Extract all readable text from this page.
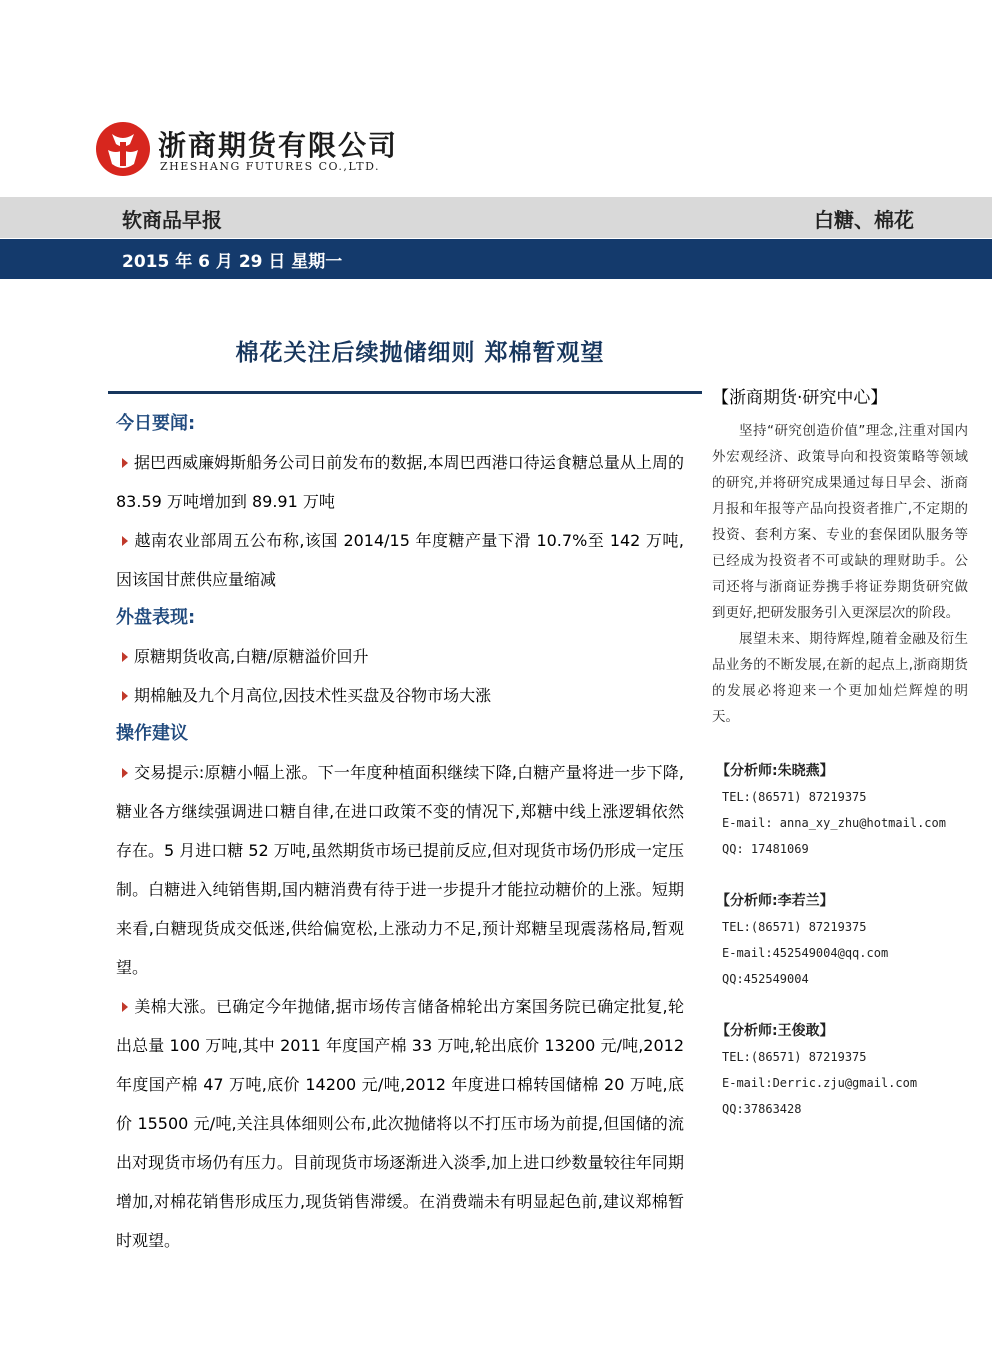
浙商期货有限公司
ZHESHANG FUTURES CO.,LTD.
软商品早报	白糖、棉花
2015 年 6 月 29 日 星期一
棉花关注后续抛储细则 郑棉暂观望
今日要闻:
据巴西威廉姆斯船务公司日前发布的数据,本周巴西港口待运食糖总量从上周的 83.59 万吨增加到 89.91 万吨
越南农业部周五公布称,该国 2014/15 年度糖产量下滑 10.7%至 142 万吨,因该国甘蔗供应量缩减
外盘表现:
原糖期货收高,白糖/原糖溢价回升
期棉触及九个月高位,因技术性买盘及谷物市场大涨
操作建议
交易提示:原糖小幅上涨。下一年度种植面积继续下降,白糖产量将进一步下降,糖业各方继续强调进口糖自律,在进口政策不变的情况下,郑糖中线上涨逻辑依然存在。5 月进口糖 52 万吨,虽然期货市场已提前反应,但对现货市场仍形成一定压制。白糖进入纯销售期,国内糖消费有待于进一步提升才能拉动糖价的上涨。短期来看,白糖现货成交低迷,供给偏宽松,上涨动力不足,预计郑糖呈现震荡格局,暂观望。
美棉大涨。已确定今年抛储,据市场传言储备棉轮出方案国务院已确定批复,轮出总量 100 万吨,其中 2011 年度国产棉 33 万吨,轮出底价 13200 元/吨,2012 年度国产棉 47 万吨,底价 14200 元/吨,2012 年度进口棉转国储棉 20 万吨,底价 15500 元/吨,关注具体细则公布,此次抛储将以不打压市场为前提,但国储的流出对现货市场仍有压力。目前现货市场逐渐进入淡季,加上进口纱数量较往年同期增加,对棉花销售形成压力,现货销售滞缓。在消费端未有明显起色前,建议郑棉暂时观望。
【浙商期货·研究中心】

坚持“研究创造价值”理念,注重对国内外宏观经济、政策导向和投资策略等领域的研究,并将研究成果通过每日早会、浙商月报和年报等产品向投资者推广,不定期的投资、套利方案、专业的套保团队服务等已经成为投资者不可或缺的理财助手。公司还将与浙商证券携手将证券期货研究做到更好,把研发服务引入更深层次的阶段。

展望未来、期待辉煌,随着金融及衍生品业务的不断发展,在新的起点上,浙商期货的发展必将迎来一个更加灿烂辉煌的明天。

【分析师:朱晓燕】
TEL:(86571) 87219375
E-mail: anna_xy_zhu@hotmail.com
QQ: 17481069
【分析师:李若兰】
TEL:(86571) 87219375
E-mail:452549004@qq.com
QQ:452549004
【分析师:王俊敢】
TEL:(86571) 87219375
E-mail:Derric.zju@gmail.com
QQ:37863428
